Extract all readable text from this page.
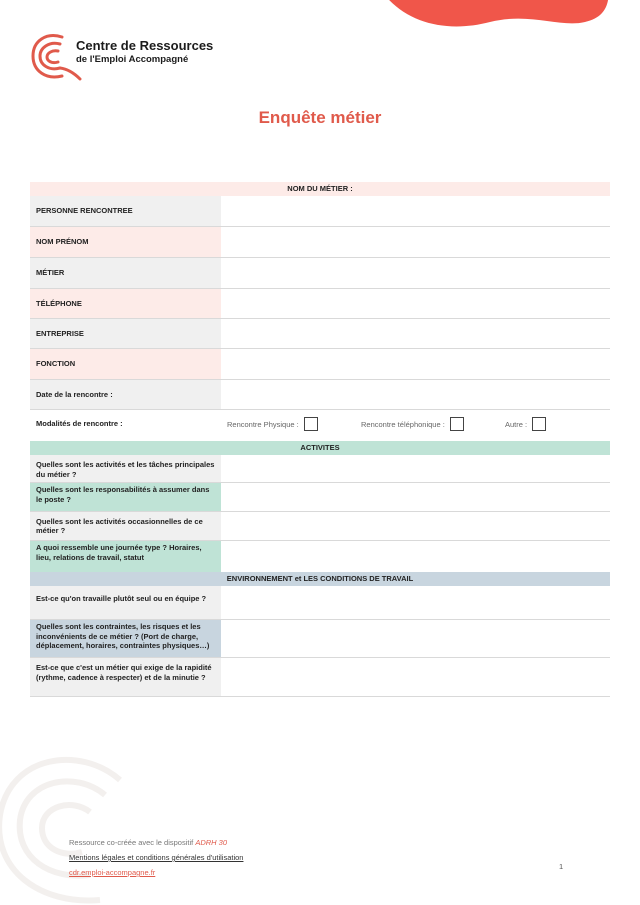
Centre de Ressources
de l'Emploi Accompagné
Enquête métier
NOM DU MÉTIER :
PERSONNE RENCONTREE
NOM PRÉNOM
MÉTIER
TÉLÉPHONE
ENTREPRISE
FONCTION
Date de la rencontre :
Modalités de rencontre :	Rencontre Physique :	Rencontre téléphonique :	Autre :
ACTIVITES
Quelles sont les activités et les tâches principales du métier ?
Quelles sont les responsabilités à assumer dans le poste ?
Quelles sont les activités occasionnelles de ce métier ?
A quoi ressemble une journée type ? Horaires, lieu, relations de travail, statut
ENVIRONNEMENT et LES CONDITIONS DE TRAVAIL
Est-ce qu'on travaille plutôt seul ou en équipe ?
Quelles sont les contraintes, les risques et les inconvénients de ce métier ? (Port de charge, déplacement, horaires, contraintes physiques…)
Est-ce que c'est un métier qui exige de la rapidité (rythme, cadence à respecter) et de la minutie ?
Ressource co-créée avec le dispositif ADRH 30
Mentions légales et conditions générales d'utilisation
cdr.emploi-accompagne.fr
1
